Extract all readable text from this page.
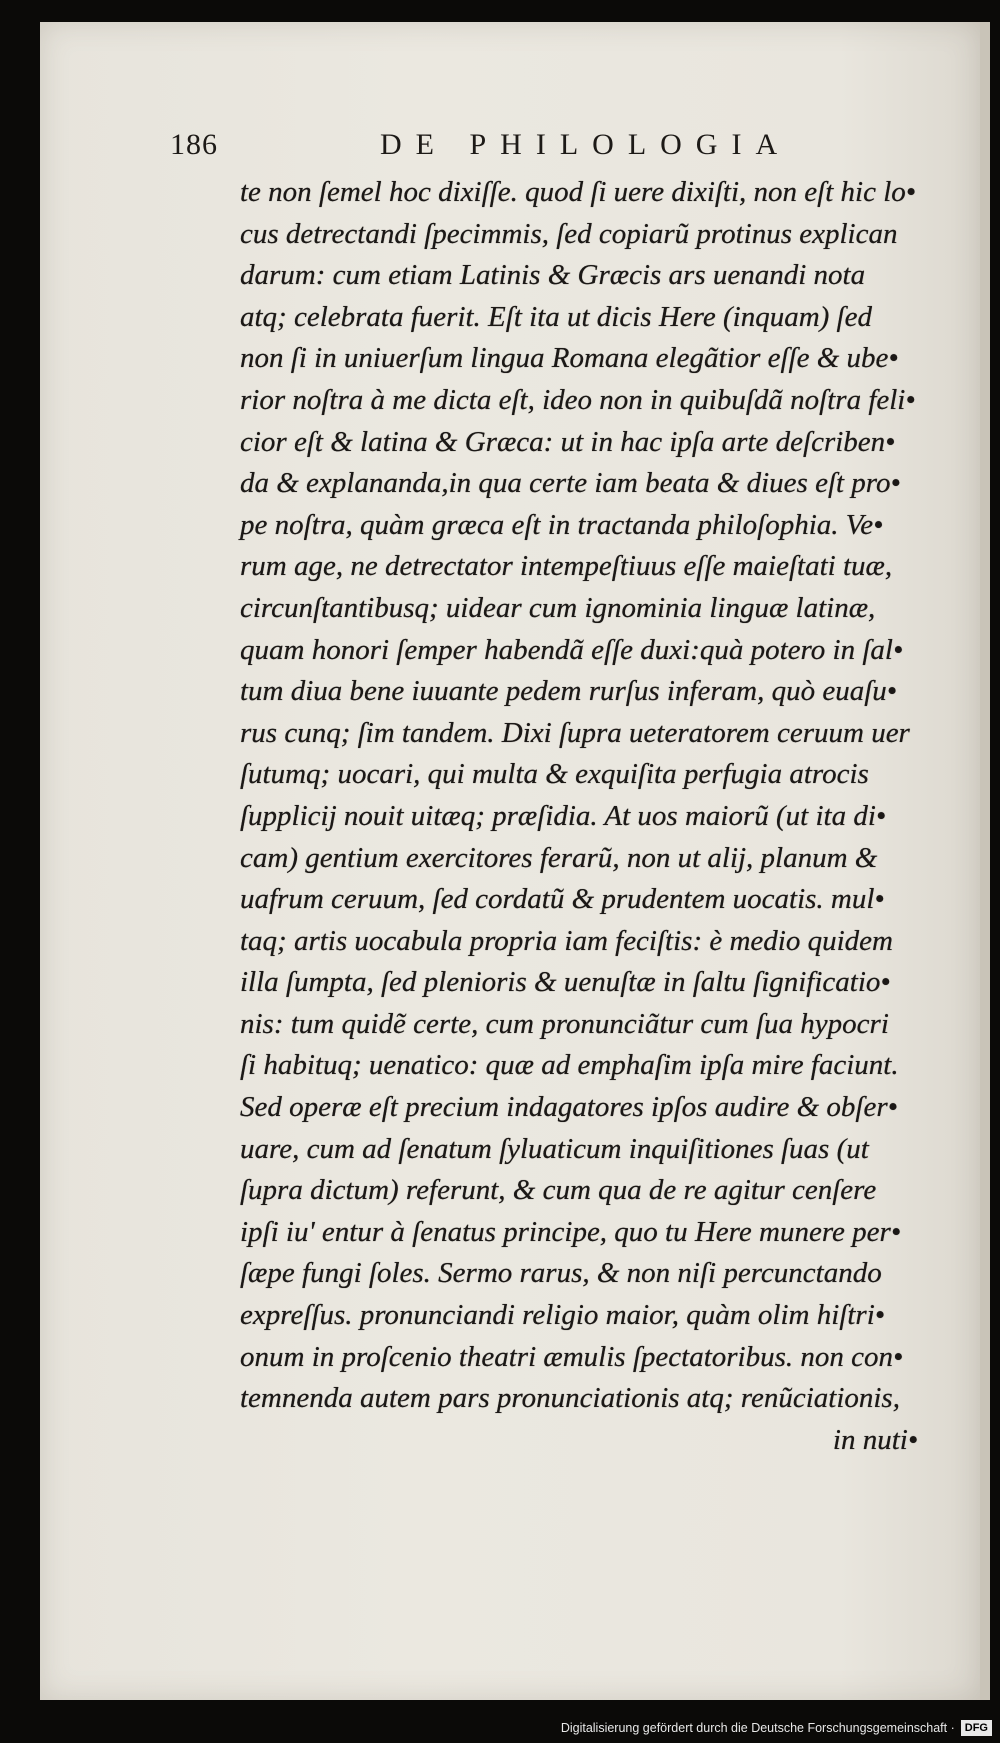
186	DE PHILOLOGIA
te non ſemel hoc dixiſſe. quod ſi uere dixiſti, non eſt hic lo•
cus detrectandi ſpecimmis, ſed copiarũ protinus explican
darum: cum etiam Latinis & Græcis ars uenandi nota
atq; celebrata fuerit. Eſt ita ut dicis Here (inquam) ſed
non ſi in uniuerſum lingua Romana elegãtior eſſe & ube•
rior noſtra à me dicta eſt, ideo non in quibuſdã noſtra feli•
cior eſt & latina & Græca: ut in hac ipſa arte deſcriben•
da & explananda,in qua certe iam beata & diues eſt pro•
pe noſtra, quàm græca eſt in tractanda philoſophia. Ve•
rum age, ne detrectator intempeſtiuus eſſe maieſtati tuæ,
circunſtantibusq; uidear cum ignominia linguæ latinæ,
quam honori ſemper habendã eſſe duxi:quà potero in ſal•
tum diua bene iuuante pedem rurſus inferam, quò euaſu•
rus cunq; ſim tandem. Dixi ſupra ueteratorem ceruum uer
ſutumq; uocari, qui multa & exquiſita perfugia atrocis
ſupplicij nouit uitæq; præſidia. At uos maiorũ (ut ita di•
cam) gentium exercitores ferarũ, non ut alij, planum &
uafrum ceruum, ſed cordatũ & prudentem uocatis. mul•
taq; artis uocabula propria iam feciſtis: è medio quidem
illa ſumpta, ſed plenioris & uenuſtæ in ſaltu ſignificatio•
nis: tum quidẽ certe, cum pronunciãtur cum ſua hypocri
ſi habituq; uenatico: quæ ad emphaſim ipſa mire faciunt.
Sed operæ eſt precium indagatores ipſos audire & obſer•
uare, cum ad ſenatum ſyluaticum inquiſitiones ſuas (ut
ſupra dictum) referunt, & cum qua de re agitur cenſere
ipſi iu' entur à ſenatus principe, quo tu Here munere per•
ſæpe fungi ſoles. Sermo rarus, & non niſi percunctando
expreſſus. pronunciandi religio maior, quàm olim hiſtri•
onum in proſcenio theatri æmulis ſpectatoribus. non con•
temnenda autem pars pronunciationis atq; renũciationis,
in nuti•
Digitalisierung gefördert durch die Deutsche Forschungsgemeinschaft · DFG
